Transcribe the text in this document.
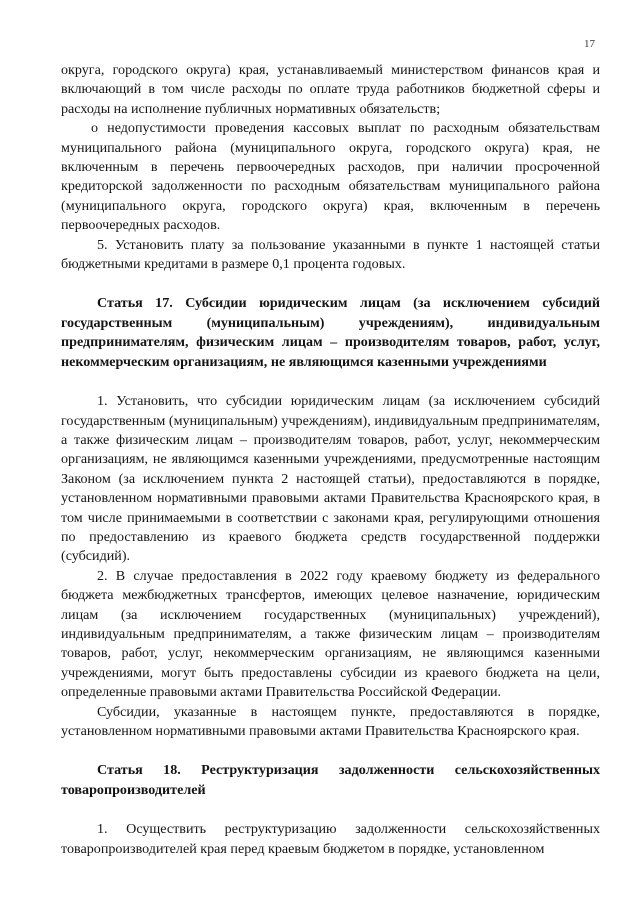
17

округа, городского округа) края, устанавливаемый министерством финансов края и включающий в том числе расходы по оплате труда работников бюджетной сферы и расходы на исполнение публичных нормативных обязательств;

о недопустимости проведения кассовых выплат по расходным обязательствам муниципального района (муниципального округа, городского округа) края, не включенным в перечень первоочередных расходов, при наличии просроченной кредиторской задолженности по расходным обязательствам муниципального района (муниципального округа, городского округа) края, включенным в перечень первоочередных расходов.

5. Установить плату за пользование указанными в пункте 1 настоящей статьи бюджетными кредитами в размере 0,1 процента годовых.

Статья 17. Субсидии юридическим лицам (за исключением субсидий государственным (муниципальным) учреждениям), индивидуальным предпринимателям, физическим лицам – производителям товаров, работ, услуг, некоммерческим организациям, не являющимся казенными учреждениями

1. Установить, что субсидии юридическим лицам (за исключением субсидий государственным (муниципальным) учреждениям), индивидуальным предпринимателям, а также физическим лицам – производителям товаров, работ, услуг, некоммерческим организациям, не являющимся казенными учреждениями, предусмотренные настоящим Законом (за исключением пункта 2 настоящей статьи), предоставляются в порядке, установленном нормативными правовыми актами Правительства Красноярского края, в том числе принимаемыми в соответствии с законами края, регулирующими отношения по предоставлению из краевого бюджета средств государственной поддержки (субсидий).

2. В случае предоставления в 2022 году краевому бюджету из федерального бюджета межбюджетных трансфертов, имеющих целевое назначение, юридическим лицам (за исключением государственных (муниципальных) учреждений), индивидуальным предпринимателям, а также физическим лицам – производителям товаров, работ, услуг, некоммерческим организациям, не являющимся казенными учреждениями, могут быть предоставлены субсидии из краевого бюджета на цели, определенные правовыми актами Правительства Российской Федерации.

Субсидии, указанные в настоящем пункте, предоставляются в порядке, установленном нормативными правовыми актами Правительства Красноярского края.

Статья 18. Реструктуризация задолженности сельскохозяйственных товаропроизводителей

1. Осуществить реструктуризацию задолженности сельскохозяйственных товаропроизводителей края перед краевым бюджетом в порядке, установленном
